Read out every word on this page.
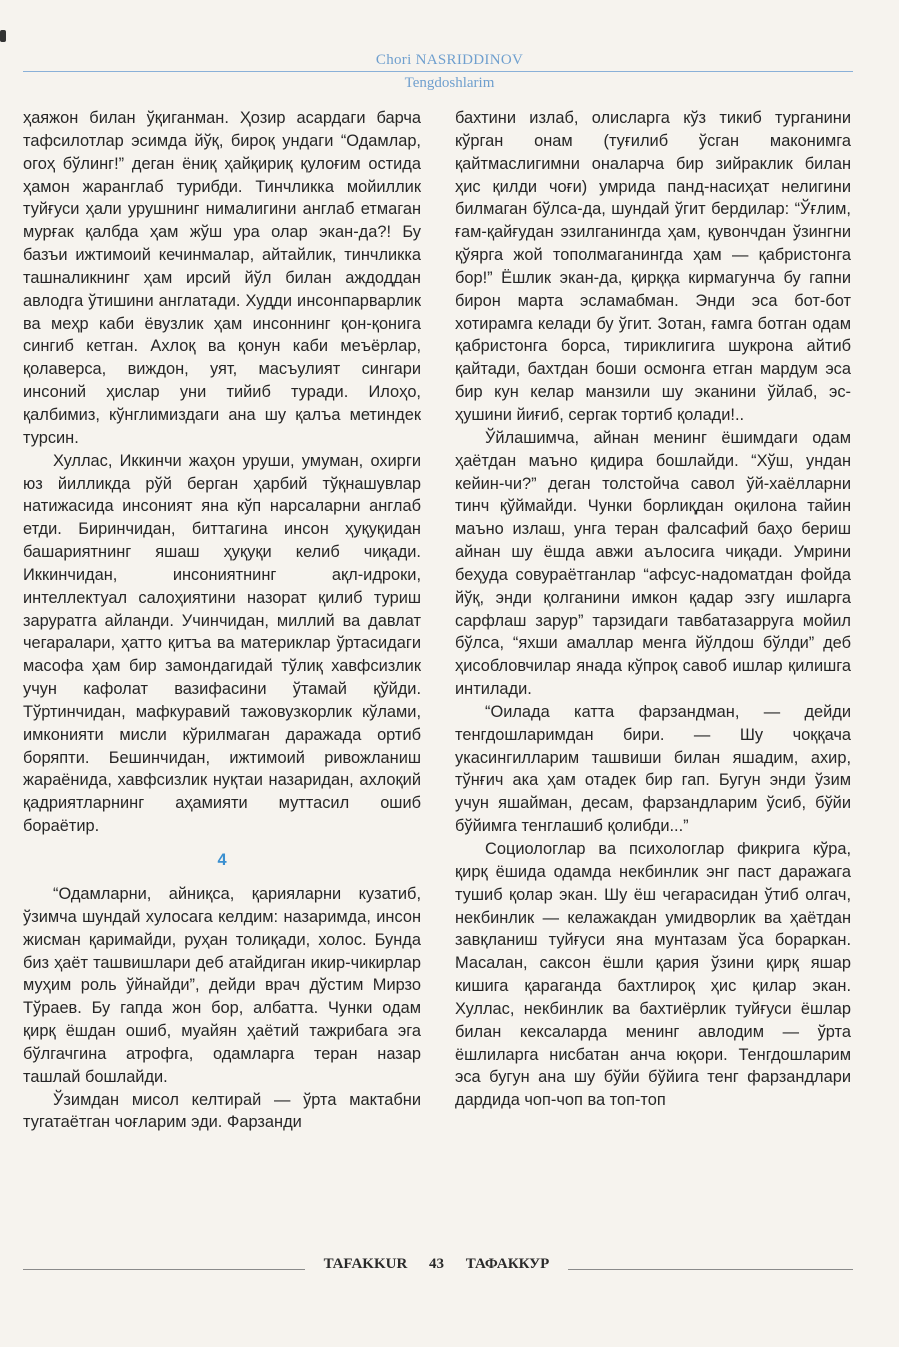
Chori NASRIDDINOV
Tengdoshlarim

ҳаяжон билан ўқиганман. Ҳозир асардаги барча тафсилотлар эсимда йўқ, бироқ ундаги “Одамлар, огоҳ бўлинг!” деган ёниқ ҳайқириқ қулоғим остида ҳамон жаранглаб турибди. Тинчликка мойиллик туйғуси ҳали урушнинг нималигини англаб етмаган мурғак қалбда ҳам жўш ура олар экан-да?! Бу базъи ижтимоий кечинмалар, айтайлик, тинчликка ташналикнинг ҳам ирсий йўл билан аждоддан авлодга ўтишини англатади. Худди инсонпарварлик ва меҳр каби ёвузлик ҳам инсоннинг қон-қонига сингиб кетган. Ахлоқ ва қонун каби меъёрлар, қолаверса, виждон, уят, масъулият сингари инсоний ҳислар уни тийиб туради. Илоҳо, қалбимиз, кўнглимиздаги ана шу қалъа метиндек турсин.

Хуллас, Иккинчи жаҳон уруши, умуман, охирги юз йилликда рўй берган ҳарбий тўқнашувлар натижасида инсоният яна кўп нарсаларни англаб етди. Биринчидан, биттагина инсон ҳуқуқидан башариятнинг яшаш ҳуқуқи келиб чиқади. Иккинчидан, инсониятнинг ақл-идроки, интеллектуал салоҳиятини назорат қилиб туриш заруратга айланди. Учинчидан, миллий ва давлат чегаралари, ҳатто қитъа ва материклар ўртасидаги масофа ҳам бир замондагидай тўлиқ хавфсизлик учун кафолат вазифасини ўтамай қўйди. Тўртинчидан, мафкуравий тажовузкорлик кўлами, имконияти мисли кўрилмаган даражада ортиб боряпти. Бешинчидан, ижтимоий ривожланиш жараёнида, хавфсизлик нуқтаи назаридан, ахлоқий қадриятларнинг аҳамияти муттасил ошиб бораётир.

4

“Одамларни, айниқса, қарияларни кузатиб, ўзимча шундай хулосага келдим: назаримда, инсон жисман қаримайди, руҳан толиқади, холос. Бунда биз ҳаёт ташвишлари деб атайдиган икир-чикирлар муҳим роль ўйнайди”, дейди врач дўстим Мирзо Тўраев. Бу гапда жон бор, албатта. Чунки одам қирқ ёшдан ошиб, муайян ҳаётий тажрибага эга бўлгачгина атрофга, одамларга теран назар ташлай бошлайди.

Ўзимдан мисол келтирай — ўрта мактабни тугатаётган чоғларим эди. Фарзанди

бахтини излаб, олисларга кўз тикиб турганини кўрган онам (туғилиб ўсган маконимга қайтмаслигимни оналарча бир зийраклик билан ҳис қилди чоғи) умрида панд-насиҳат нелигини билмаган бўлса-да, шундай ўгит бердилар: “Ўғлим, ғам-қайғудан эзилганингда ҳам, қувончдан ўзингни қўярга жой тополмаганингда ҳам — қабристонга бор!” Ёшлик экан-да, қирққа кирмагунча бу гапни бирон марта эсламабман. Энди эса бот-бот хотирамга келади бу ўгит. Зотан, ғамга ботган одам қабристонга борса, тириклигига шукрона айтиб қайтади, бахтдан боши осмонга етган мардум эса бир кун келар манзили шу эканини ўйлаб, эс-ҳушини йиғиб, сергак тортиб қолади!..

Ўйлашимча, айнан менинг ёшимдаги одам ҳаётдан маъно қидира бошлайди. “Хўш, ундан кейин-чи?” деган толстойча савол ўй-хаёлларни тинч қўймайди. Чунки борлиқдан оқилона тайин маъно излаш, унга теран фалсафий баҳо бериш айнан шу ёшда авжи аълосига чиқади. Умрини беҳуда совураётганлар “афсус-надоматдан фойда йўқ, энди қолганини имкон қадар эзгу ишларга сарфлаш зарур” тарзидаги тавбатазарруга мойил бўлса, “яхши амаллар менга йўлдош бўлди” деб ҳисобловчилар янада кўпроқ савоб ишлар қилишга интилади.

“Оилада катта фарзандман, — дейди тенгдошларимдан бири. — Шу чоққача укасингилларим ташвиши билан яшадим, ахир, тўнғич ака ҳам отадек бир гап. Бугун энди ўзим учун яшайман, десам, фарзандларим ўсиб, бўйи бўйимга тенглашиб қолибди...”

Социологлар ва психологлар фикрига кўра, қирқ ёшида одамда некбинлик энг паст даражага тушиб қолар экан. Шу ёш чегарасидан ўтиб олгач, некбинлик — келажакдан умидворлик ва ҳаётдан завқланиш туйғуси яна мунтазам ўса бораркан. Масалан, саксон ёшли қария ўзини қирқ яшар кишига қараганда бахтлироқ ҳис қилар экан. Хуллас, некбинлик ва бахтиёрлик туйғуси ёшлар билан кексаларда менинг авлодим — ўрта ёшлиларга нисбатан анча юқори. Тенгдошларим эса бугун ана шу бўйи бўйига тенг фарзандлари дардида чоп-чоп ва топ-топ

TAFAKKUR 43 ТАФАККУР
